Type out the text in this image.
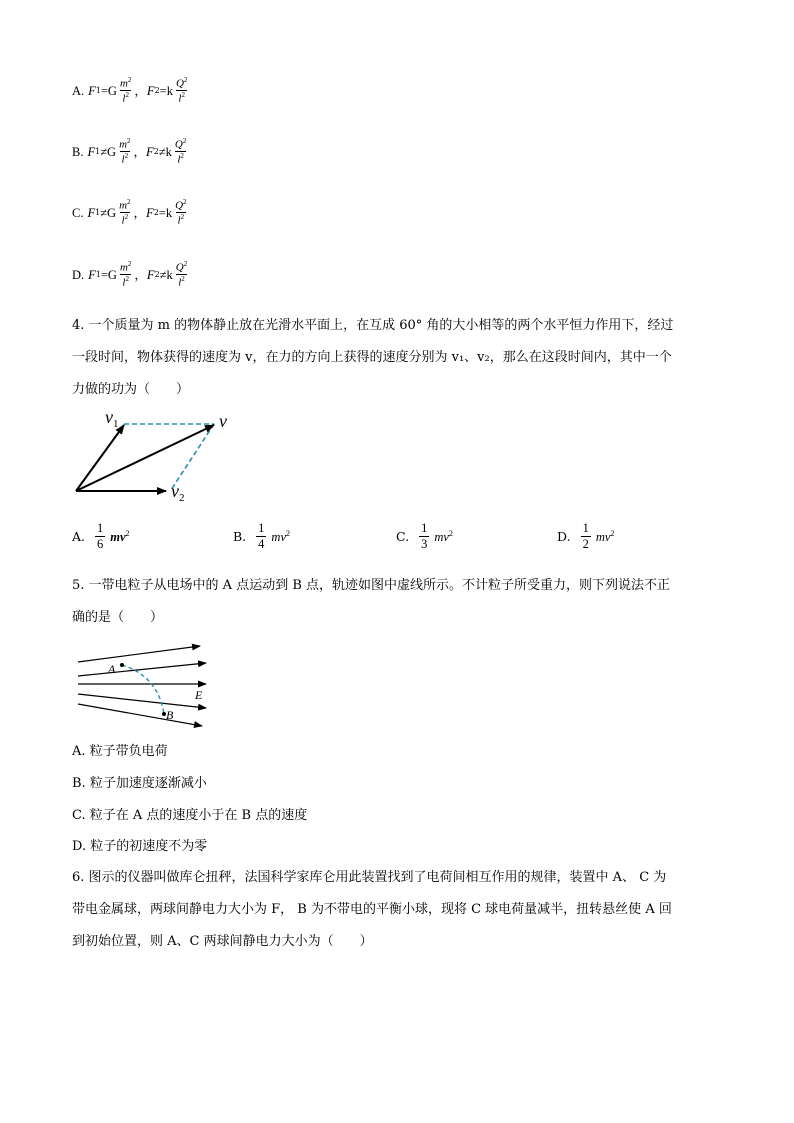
A.
F $1 =G \frac{m^2}{l^2}$ ， F $2 =k \frac{Q^2}{l^2}$
B.
F $1 \ne G \frac{m^2}{l^2}$ ， F $2 \ne k \frac{Q^2}{l^2}$
C.
F $1 \ne G \frac{m^2}{l^2}$ ， F $2 =k \frac{Q^2}{l^2}$
D.
F $1 =G \frac{m^2}{l^2}$ ， F $2 \ne k \frac{Q^2}{l^2}$
4. 一个质量为 m 的物体静止放在光滑水平面上，在互成 60° 角的大小相等的两个水平恒力作用下，经过
一段时间，物体获得的速度为 v，在力的方向上获得的速度分别为 v₁、v₂，那么在这段时间内，其中一个
力做的功为（　　）
$v_1$	v
$v_2$
A.
1
6 $mv^2$	B.
1
4 $mv^2$	C.
1
3 $mv^2$	D.
1
2 $mv^2$
5. 一带电粒子从电场中的 A 点运动到 B 点，轨迹如图中虚线所示。不计粒子所受重力，则下列说法不正
确的是（　　）
A
B
E
A. 粒子带负电荷
B. 粒子加速度逐渐减小
C. 粒子在 A 点的速度小于在 B 点的速度
D. 粒子的初速度不为零
6. 图示的仪器叫做库仑扭秤，法国科学家库仑用此装置找到了电荷间相互作用的规律，装置中 A、 C 为
带电金属球，两球间静电力大小为 F， B 为不带电的平衡小球，现将 C 球电荷量减半，扭转悬丝使 A 回
到初始位置，则 A、C 两球间静电力大小为（　　）
